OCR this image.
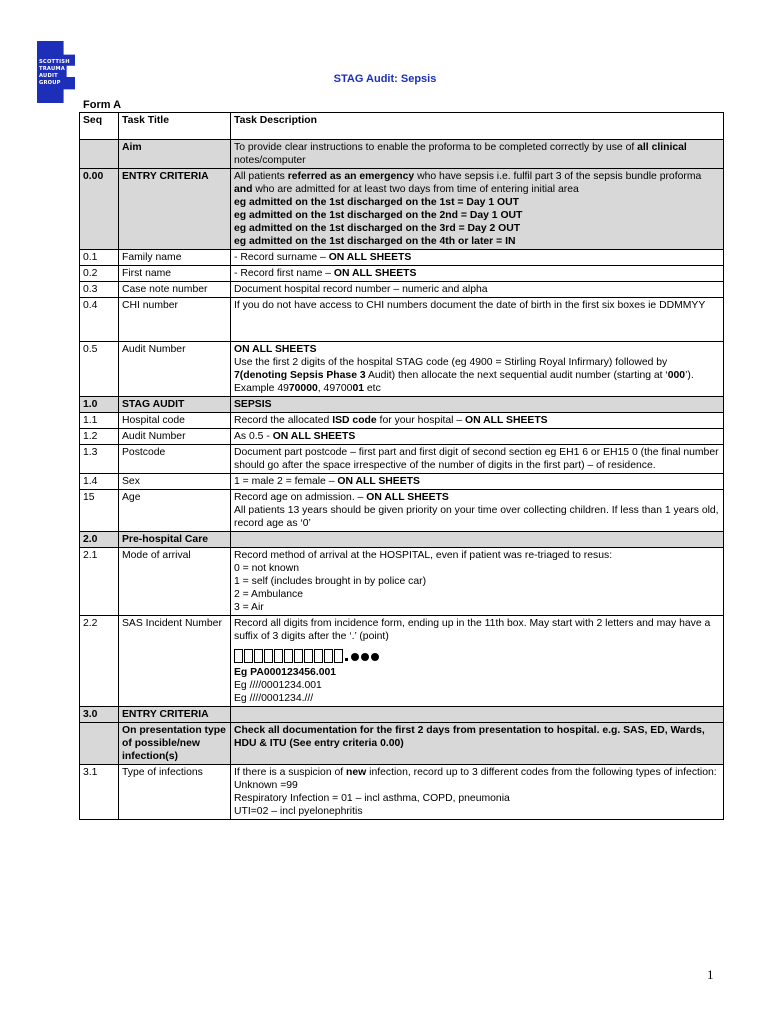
SCOTTISH
TRAUMA
AUDIT
GROUP	STAG Audit: Sepsis
Form A
Seq	Task Title	Task Description
	Aim	To provide clear instructions to enable the proforma to be completed correctly by use of all clinical notes/computer
0.00	ENTRY CRITERIA	All patients referred as an emergency who have sepsis i.e. fulfil part 3 of the sepsis bundle proforma and who are admitted for at least two days from time of entering initial area
eg admitted on the 1st discharged on the 1st = Day 1 OUT
eg admitted on the 1st discharged on the 2nd = Day 1 OUT
eg admitted on the 1st discharged on the 3rd = Day 2 OUT
eg admitted on the 1st discharged on the 4th or later = IN

0.1	Family name	- Record surname – ON ALL SHEETS
0.2	First name	- Record first name – ON ALL SHEETS
0.3	Case note number	Document hospital record number – numeric and alpha
0.4	CHI number	If you do not have access to CHI numbers document the date of birth in the first six boxes ie DDMMYY
0.5	Audit Number	ON ALL SHEETS
Use the first 2 digits of the hospital STAG code (eg 4900 = Stirling Royal Infirmary) followed by 7(denoting Sepsis Phase 3 Audit) then allocate the next sequential audit number (starting at ‘000’). Example 4970000, 4970001 etc
1.0	STAG AUDIT	SEPSIS
1.1	Hospital code	Record the allocated ISD code for your hospital – ON ALL SHEETS
1.2	Audit Number	As 0.5 - ON ALL SHEETS
1.3	Postcode	Document part postcode – first part and first digit of second section eg EH1 6 or EH15 0 (the final number should go after the space irrespective of the number of digits in the first part) – of residence.
1.4	Sex	1 = male 2 = female – ON ALL SHEETS
15	Age	Record age on admission. – ON ALL SHEETS
All patients 13 years should be given priority on your time over collecting children. If less than 1 years old, record age as ‘0’

2.0	Pre-hospital Care	
2.1	Mode of arrival	Record method of arrival at the HOSPITAL, even if patient was re-triaged to resus:
0 = not known
1 = self (includes brought in by police car)
2 = Ambulance
3 = Air

2.2	SAS Incident Number	Record all digits from incidence form, ending up in the 11th box. May start with 2 letters and may have a suffix of 3 digits after the ‘.’ (point)
Eg PA000123456.001
Eg ////0001234.001
Eg ////0001234.///

3.0	ENTRY CRITERIA	
	On presentation type of possible/new infection(s)	Check all documentation for the first 2 days from presentation to hospital. e.g. SAS, ED, Wards, HDU & ITU (See entry criteria 0.00)
3.1	Type of infections	If there is a suspicion of new infection, record up to 3 different codes from the following types of infection:
Unknown =99
Respiratory Infection = 01 – incl asthma, COPD, pneumonia
UTI=02 – incl pyelonephritis
1
